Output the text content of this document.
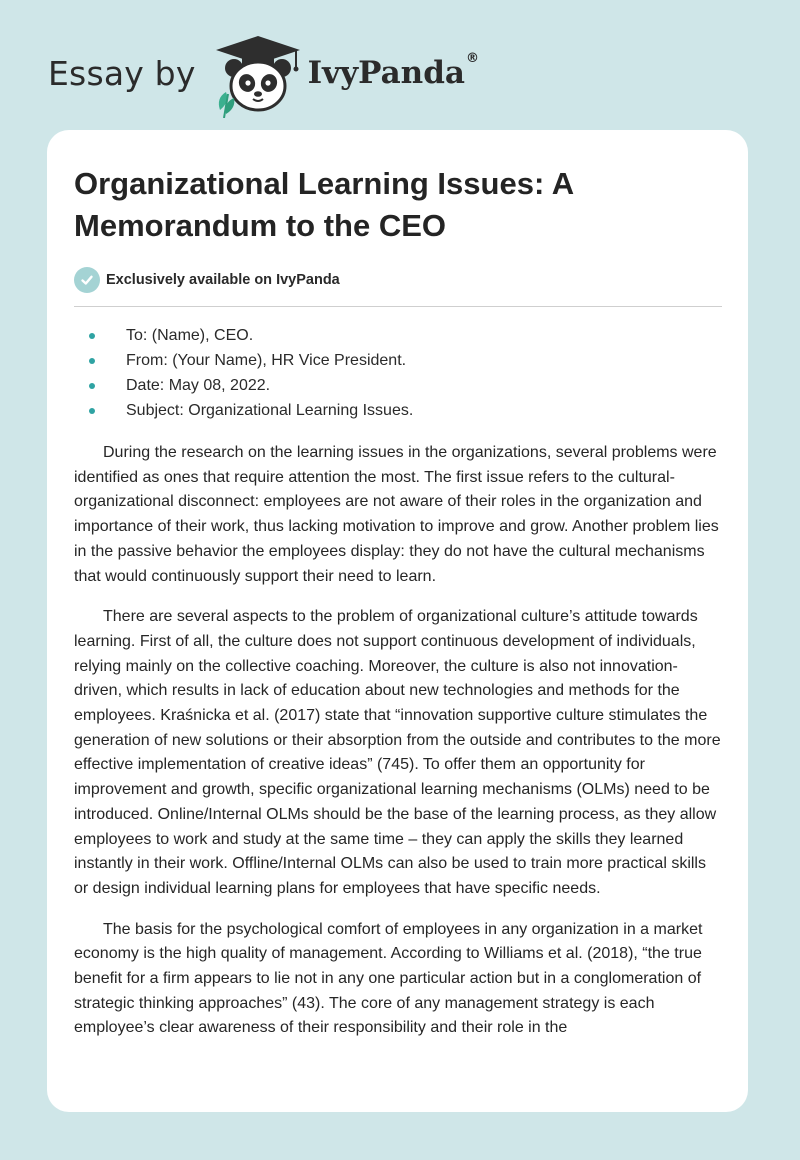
Essay by	IvyPanda®
Organizational Learning Issues: A Memorandum to the CEO
Exclusively available on IvyPanda
To: (Name), CEO.
From: (Your Name), HR Vice President.
Date: May 08, 2022.
Subject: Organizational Learning Issues.

During the research on the learning issues in the organizations, several problems were identified as ones that require attention the most. The first issue refers to the cultural-organizational disconnect: employees are not aware of their roles in the organization and importance of their work, thus lacking motivation to improve and grow. Another problem lies in the passive behavior the employees display: they do not have the cultural mechanisms that would continuously support their need to learn.

There are several aspects to the problem of organizational culture’s attitude towards learning. First of all, the culture does not support continuous development of individuals, relying mainly on the collective coaching. Moreover, the culture is also not innovation-driven, which results in lack of education about new technologies and methods for the employees. Kraśnicka et al. (2017) state that “innovation supportive culture stimulates the generation of new solutions or their absorption from the outside and contributes to the more effective implementation of creative ideas” (745). To offer them an opportunity for improvement and growth, specific organizational learning mechanisms (OLMs) need to be introduced. Online/Internal OLMs should be the base of the learning process, as they allow employees to work and study at the same time – they can apply the skills they learned instantly in their work. Offline/Internal OLMs can also be used to train more practical skills or design individual learning plans for employees that have specific needs.

The basis for the psychological comfort of employees in any organization in a market economy is the high quality of management. According to Williams et al. (2018), “the true benefit for a firm appears to lie not in any one particular action but in a conglomeration of strategic thinking approaches” (43). The core of any management strategy is each employee’s clear awareness of their responsibility and their role in the
